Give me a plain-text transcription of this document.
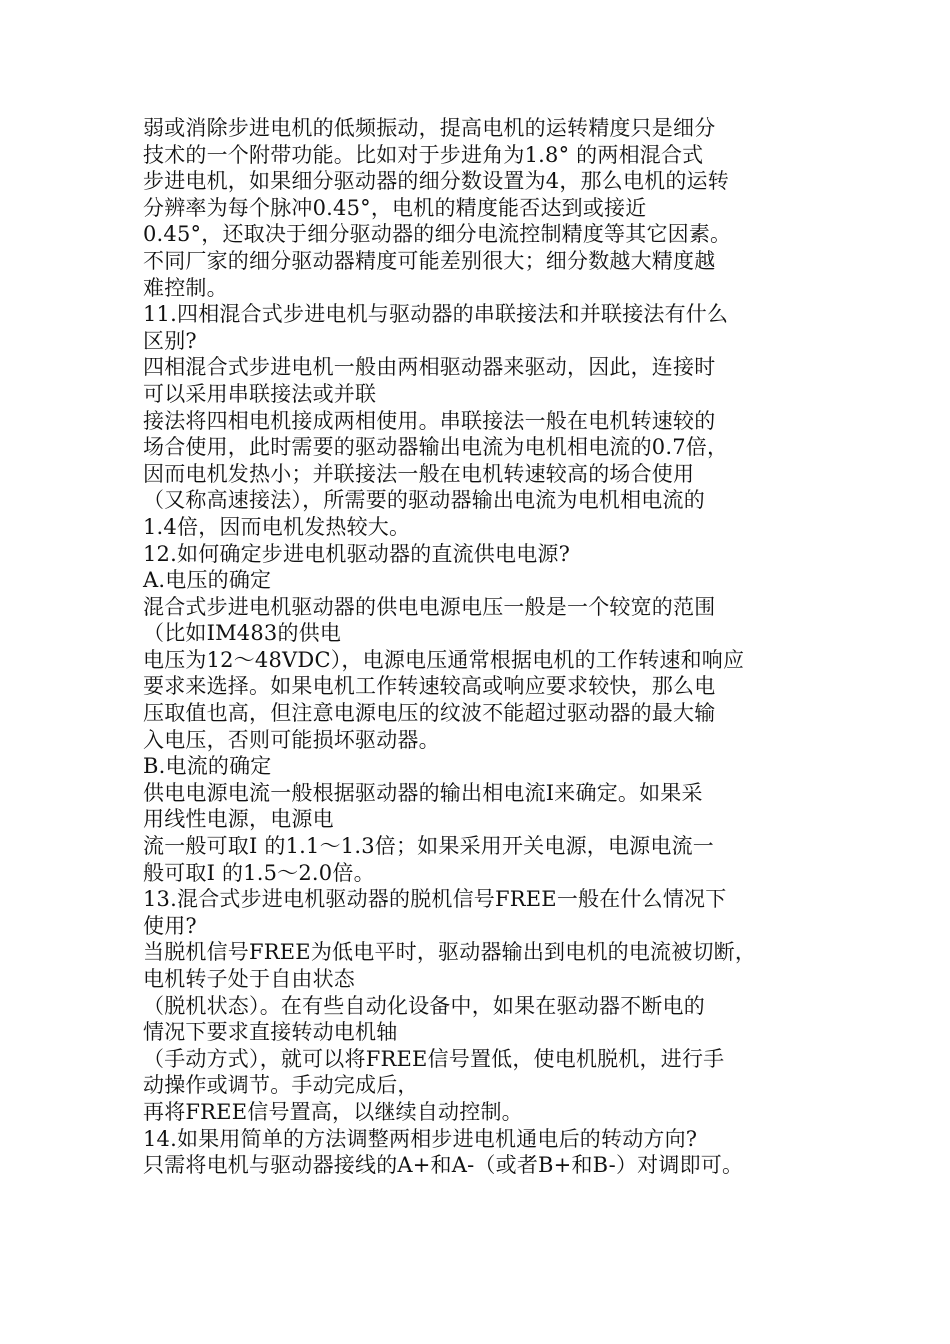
弱或消除步进电机的低频振动，提高电机的运转精度只是细分
技术的一个附带功能。比如对于步进角为1.8° 的两相混合式
步进电机，如果细分驱动器的细分数设置为4，那么电机的运转
分辨率为每个脉冲0.45°，电机的精度能否达到或接近
0.45°，还取决于细分驱动器的细分电流控制精度等其它因素。
不同厂家的细分驱动器精度可能差别很大；细分数越大精度越
难控制。
11.四相混合式步进电机与驱动器的串联接法和并联接法有什么
区别?
四相混合式步进电机一般由两相驱动器来驱动，因此，连接时
可以采用串联接法或并联
接法将四相电机接成两相使用。串联接法一般在电机转速较的
场合使用，此时需要的驱动器输出电流为电机相电流的0.7倍，
因而电机发热小；并联接法一般在电机转速较高的场合使用
（又称高速接法），所需要的驱动器输出电流为电机相电流的
1.4倍，因而电机发热较大。
12.如何确定步进电机驱动器的直流供电电源?
A.电压的确定
混合式步进电机驱动器的供电电源电压一般是一个较宽的范围
（比如IM483的供电
电压为12～48VDC），电源电压通常根据电机的工作转速和响应
要求来选择。如果电机工作转速较高或响应要求较快，那么电
压取值也高，但注意电源电压的纹波不能超过驱动器的最大输
入电压，否则可能损坏驱动器。
B.电流的确定
供电电源电流一般根据驱动器的输出相电流I来确定。如果采
用线性电源，电源电
流一般可取I 的1.1～1.3倍；如果采用开关电源，电源电流一
般可取I 的1.5～2.0倍。
13.混合式步进电机驱动器的脱机信号FREE一般在什么情况下
使用?
当脱机信号FREE为低电平时，驱动器输出到电机的电流被切断，
电机转子处于自由状态
（脱机状态）。在有些自动化设备中，如果在驱动器不断电的
情况下要求直接转动电机轴
（手动方式），就可以将FREE信号置低，使电机脱机，进行手
动操作或调节。手动完成后，
再将FREE信号置高，以继续自动控制。
14.如果用简单的方法调整两相步进电机通电后的转动方向?
只需将电机与驱动器接线的A+和A-（或者B+和B-）对调即可。
